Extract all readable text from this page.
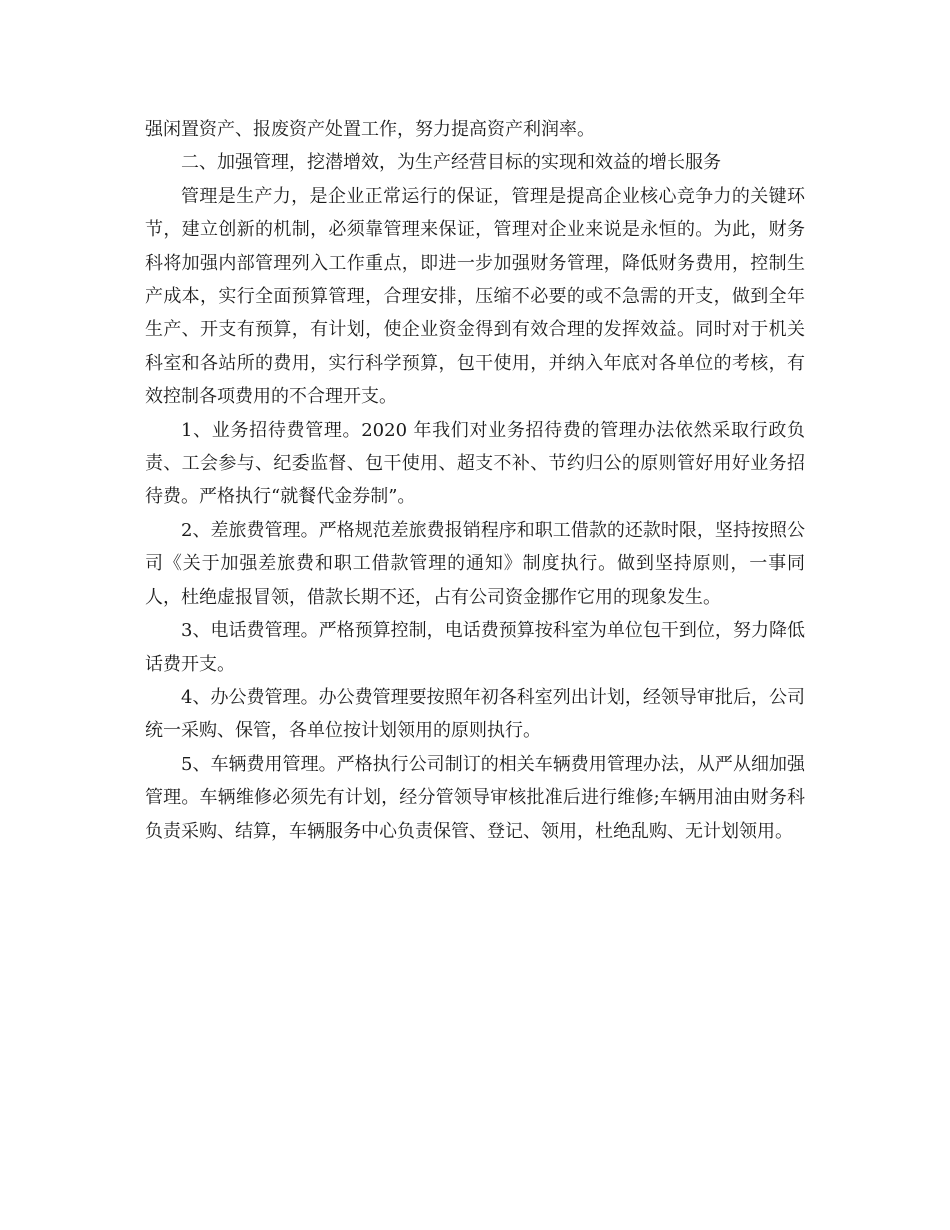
强闲置资产、报废资产处置工作，努力提高资产利润率。

二、加强管理，挖潜增效，为生产经营目标的实现和效益的增长服务

管理是生产力，是企业正常运行的保证，管理是提高企业核心竞争力的关键环节，建立创新的机制，必须靠管理来保证，管理对企业来说是永恒的。为此，财务科将加强内部管理列入工作重点，即进一步加强财务管理，降低财务费用，控制生产成本，实行全面预算管理，合理安排，压缩不必要的或不急需的开支，做到全年生产、开支有预算，有计划，使企业资金得到有效合理的发挥效益。同时对于机关科室和各站所的费用，实行科学预算，包干使用，并纳入年底对各单位的考核，有效控制各项费用的不合理开支。

1、业务招待费管理。2020 年我们对业务招待费的管理办法依然采取行政负责、工会参与、纪委监督、包干使用、超支不补、节约归公的原则管好用好业务招待费。严格执行“就餐代金券制”。

2、差旅费管理。严格规范差旅费报销程序和职工借款的还款时限，坚持按照公司《关于加强差旅费和职工借款管理的通知》制度执行。做到坚持原则，一事同人，杜绝虚报冒领，借款长期不还，占有公司资金挪作它用的现象发生。

3、电话费管理。严格预算控制，电话费预算按科室为单位包干到位，努力降低话费开支。

4、办公费管理。办公费管理要按照年初各科室列出计划，经领导审批后，公司统一采购、保管，各单位按计划领用的原则执行。

5、车辆费用管理。严格执行公司制订的相关车辆费用管理办法，从严从细加强管理。车辆维修必须先有计划，经分管领导审核批准后进行维修;车辆用油由财务科负责采购、结算，车辆服务中心负责保管、登记、领用，杜绝乱购、无计划领用。
